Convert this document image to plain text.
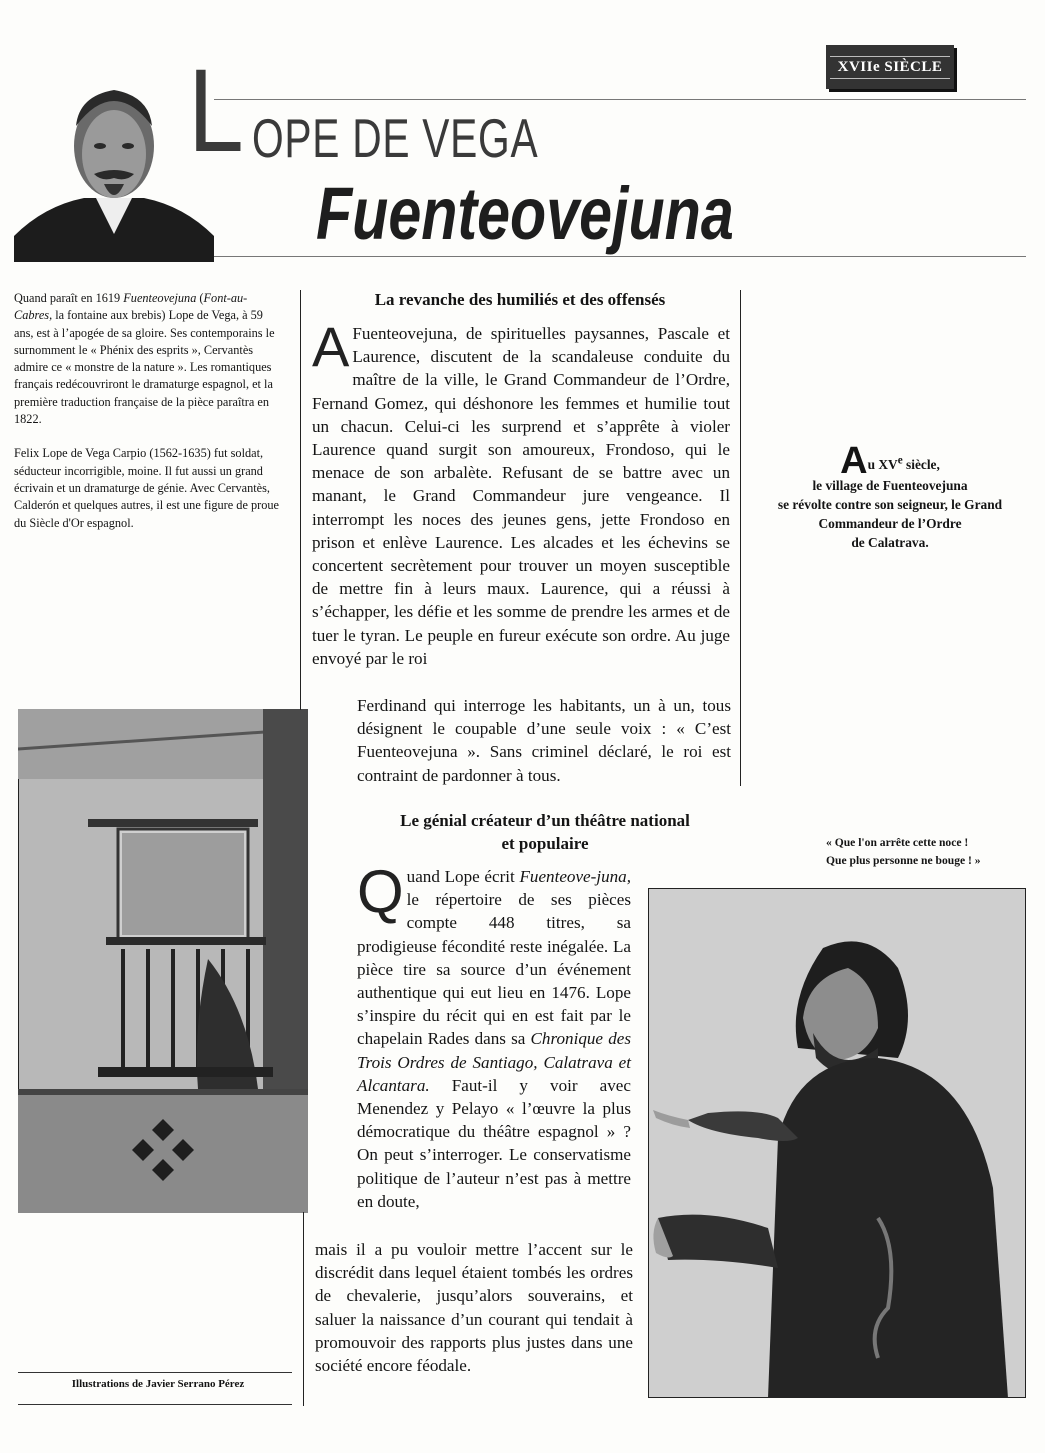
XVIIe SIÈCLE
L OPE DE VEGA
Fuenteovejuna

Quand paraît en 1619 Fuenteovejuna (Font-au-Cabres, la fontaine aux brebis) Lope de Vega, à 59 ans, est à l’apogée de sa gloire. Ses contemporains le surnomment le « Phénix des esprits », Cervantès admire ce « monstre de la nature ». Les romantiques français redécouvriront le dramaturge espagnol, et la première traduction française de la pièce paraîtra en 1822.

Felix Lope de Vega Carpio (1562-1635) fut soldat, séducteur incorrigible, moine. Il fut aussi un grand écrivain et un dramaturge de génie. Avec Cervantès, Calderón et quelques autres, il est une figure de proue du Siècle d'Or espagnol.

Illustrations de Javier Serrano Pérez
La revanche des humiliés et des offensés

A Fuenteovejuna, de spirituelles paysannes, Pascale et Laurence, discutent de la scandaleuse conduite du maître de la ville, le Grand Commandeur de l’Ordre, Fernand Gomez, qui déshonore les femmes et humilie tout un chacun. Celui-ci les surprend et s’apprête à violer Laurence quand surgit son amoureux, Frondoso, qui le menace de son arbalète. Refusant de se battre avec un manant, le Grand Commandeur jure vengeance. Il interrompt les noces des jeunes gens, jette Frondoso en prison et enlève Laurence. Les alcades et les échevins se concertent secrètement pour trouver un moyen susceptible de mettre fin à leurs maux. Laurence, qui a réussi à s’échapper, les défie et les somme de prendre les armes et de tuer le tyran. Le peuple en fureur exécute son ordre. Au juge envoyé par le roi

Ferdinand qui interroge les habitants, un à un, tous désignent le coupable d’une seule voix : « C’est Fuenteovejuna ». Sans criminel déclaré, le roi est contraint de pardonner à tous.

Le génial créateur d’un théâtre national
et populaire

Quand Lope écrit Fuenteove-juna, le répertoire de ses pièces compte 448 titres, sa prodigieuse fécondité reste inégalée. La pièce tire sa source d’un événement authentique qui eut lieu en 1476. Lope s’inspire du récit qui en est fait par le chapelain Rades dans sa Chronique des Trois Ordres de Santiago, Calatrava et Alcantara. Faut-il y voir avec Menendez y Pelayo « l’œuvre la plus démocratique du théâtre espagnol » ? On peut s’interroger. Le conservatisme politique de l’auteur n’est pas à mettre en doute,

mais il a pu vouloir mettre l’accent sur le discrédit dans lequel étaient tombés les ordres de chevalerie, jusqu’alors souverains, et saluer la naissance d’un courant qui tendait à promouvoir des rapports plus justes dans une société encore féodale.

Au XVe siècle,
le village de Fuenteovejuna
se révolte contre son seigneur, le Grand
Commandeur de l’Ordre
de Calatrava.
« Que l'on arrête cette noce !
Que plus personne ne bouge ! »
